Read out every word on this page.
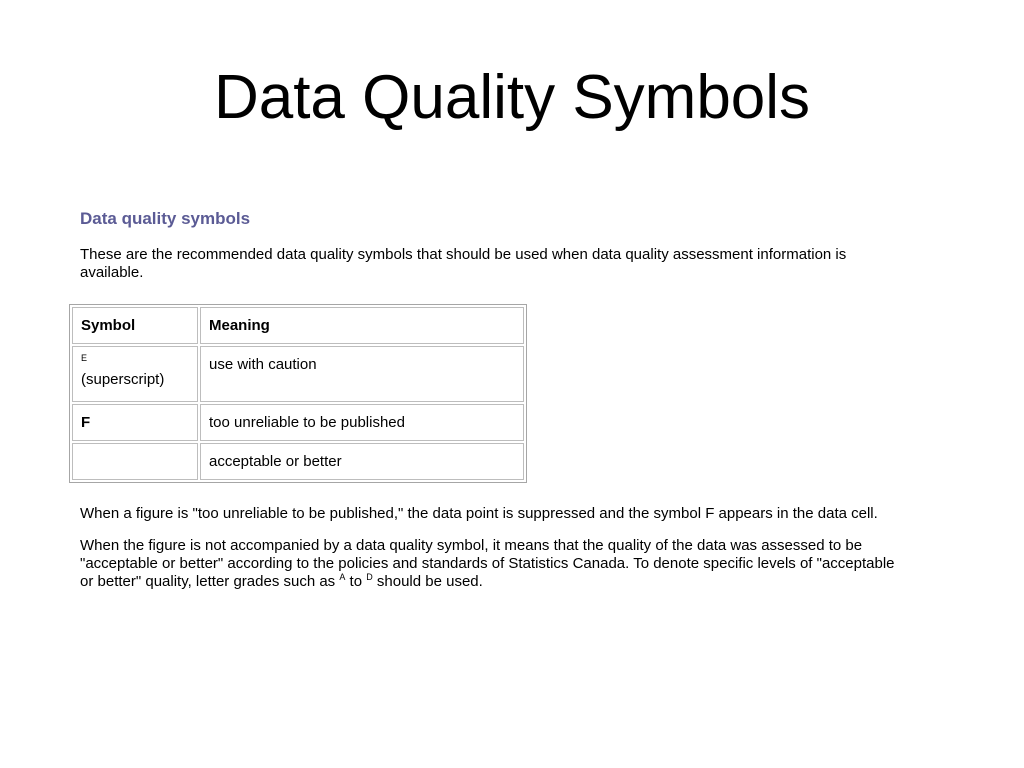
Data Quality Symbols
Data quality symbols

These are the recommended data quality symbols that should be used when data quality assessment information is available.

Symbol	Meaning

E
(superscript)	use with caution
F	too unreliable to be published
	acceptable or better

When a figure is "too unreliable to be published," the data point is suppressed and the symbol F appears in the data cell.

When the figure is not accompanied by a data quality symbol, it means that the quality of the data was assessed to be "acceptable or better" according to the policies and standards of Statistics Canada. To denote specific levels of "acceptable or better" quality, letter grades such as $^A$ to $^D$ should be used.
